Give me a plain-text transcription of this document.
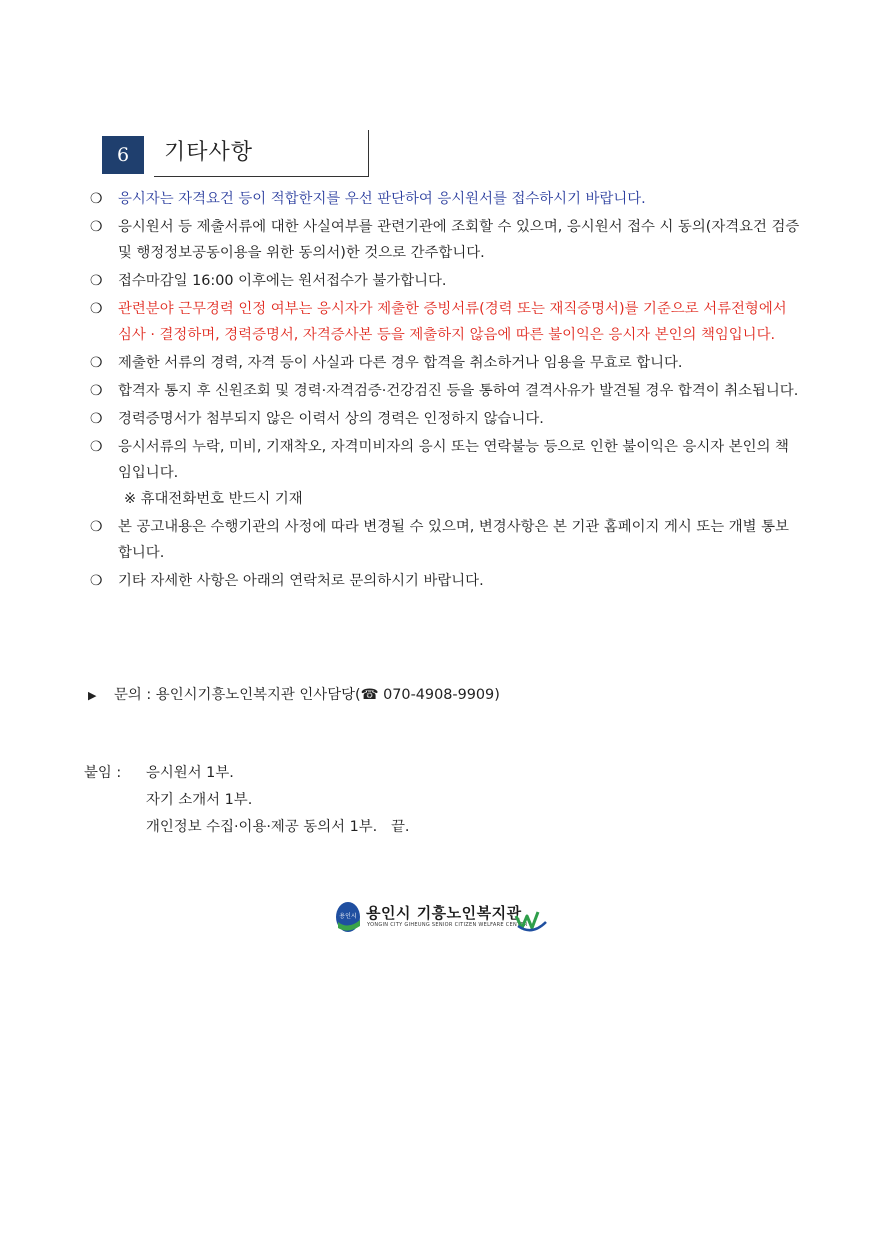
6	기타사항
❍ 응시자는 자격요건 등이 적합한지를 우선 판단하여 응시원서를 접수하시기 바랍니다.
❍ 응시원서 등 제출서류에 대한 사실여부를 관련기관에 조회할 수 있으며, 응시원서 접수 시 동의(자격요건 검증 및 행정정보공동이용을 위한 동의서)한 것으로 간주합니다.
❍ 접수마감일 16:00 이후에는 원서접수가 불가합니다.
❍ 관련분야 근무경력 인정 여부는 응시자가 제출한 증빙서류(경력 또는 재직증명서)를 기준으로 서류전형에서 심사 · 결정하며, 경력증명서, 자격증사본 등을 제출하지 않음에 따른 불이익은 응시자 본인의 책임입니다.
❍ 제출한 서류의 경력, 자격 등이 사실과 다른 경우 합격을 취소하거나 임용을 무효로 합니다.
❍ 합격자 통지 후 신원조회 및 경력·자격검증·건강검진 등을 통하여 결격사유가 발견될 경우 합격이 취소됩니다.
❍ 경력증명서가 첨부되지 않은 이력서 상의 경력은 인정하지 않습니다.
❍ 응시서류의 누락, 미비, 기재착오, 자격미비자의 응시 또는 연락불능 등으로 인한 불이익은 응시자 본인의 책임입니다.
※ 휴대전화번호 반드시 기재
❍ 본 공고내용은 수행기관의 사정에 따라 변경될 수 있으며, 변경사항은 본 기관 홈페이지 게시 또는 개별 통보합니다.
❍ 기타 자세한 사항은 아래의 연락처로 문의하시기 바랍니다.
▶ 문의 : 용인시기흥노인복지관 인사담당(☎ 070-4908-9909)
붙임 :	응시원서 1부.
자기 소개서 1부.
개인정보 수집·이용·제공 동의서 1부.   끝.
용인시 용인시 기흥노인복지관
YONGIN CITY GIHEUNG SENIOR CITIZEN WELFARE CENTER
